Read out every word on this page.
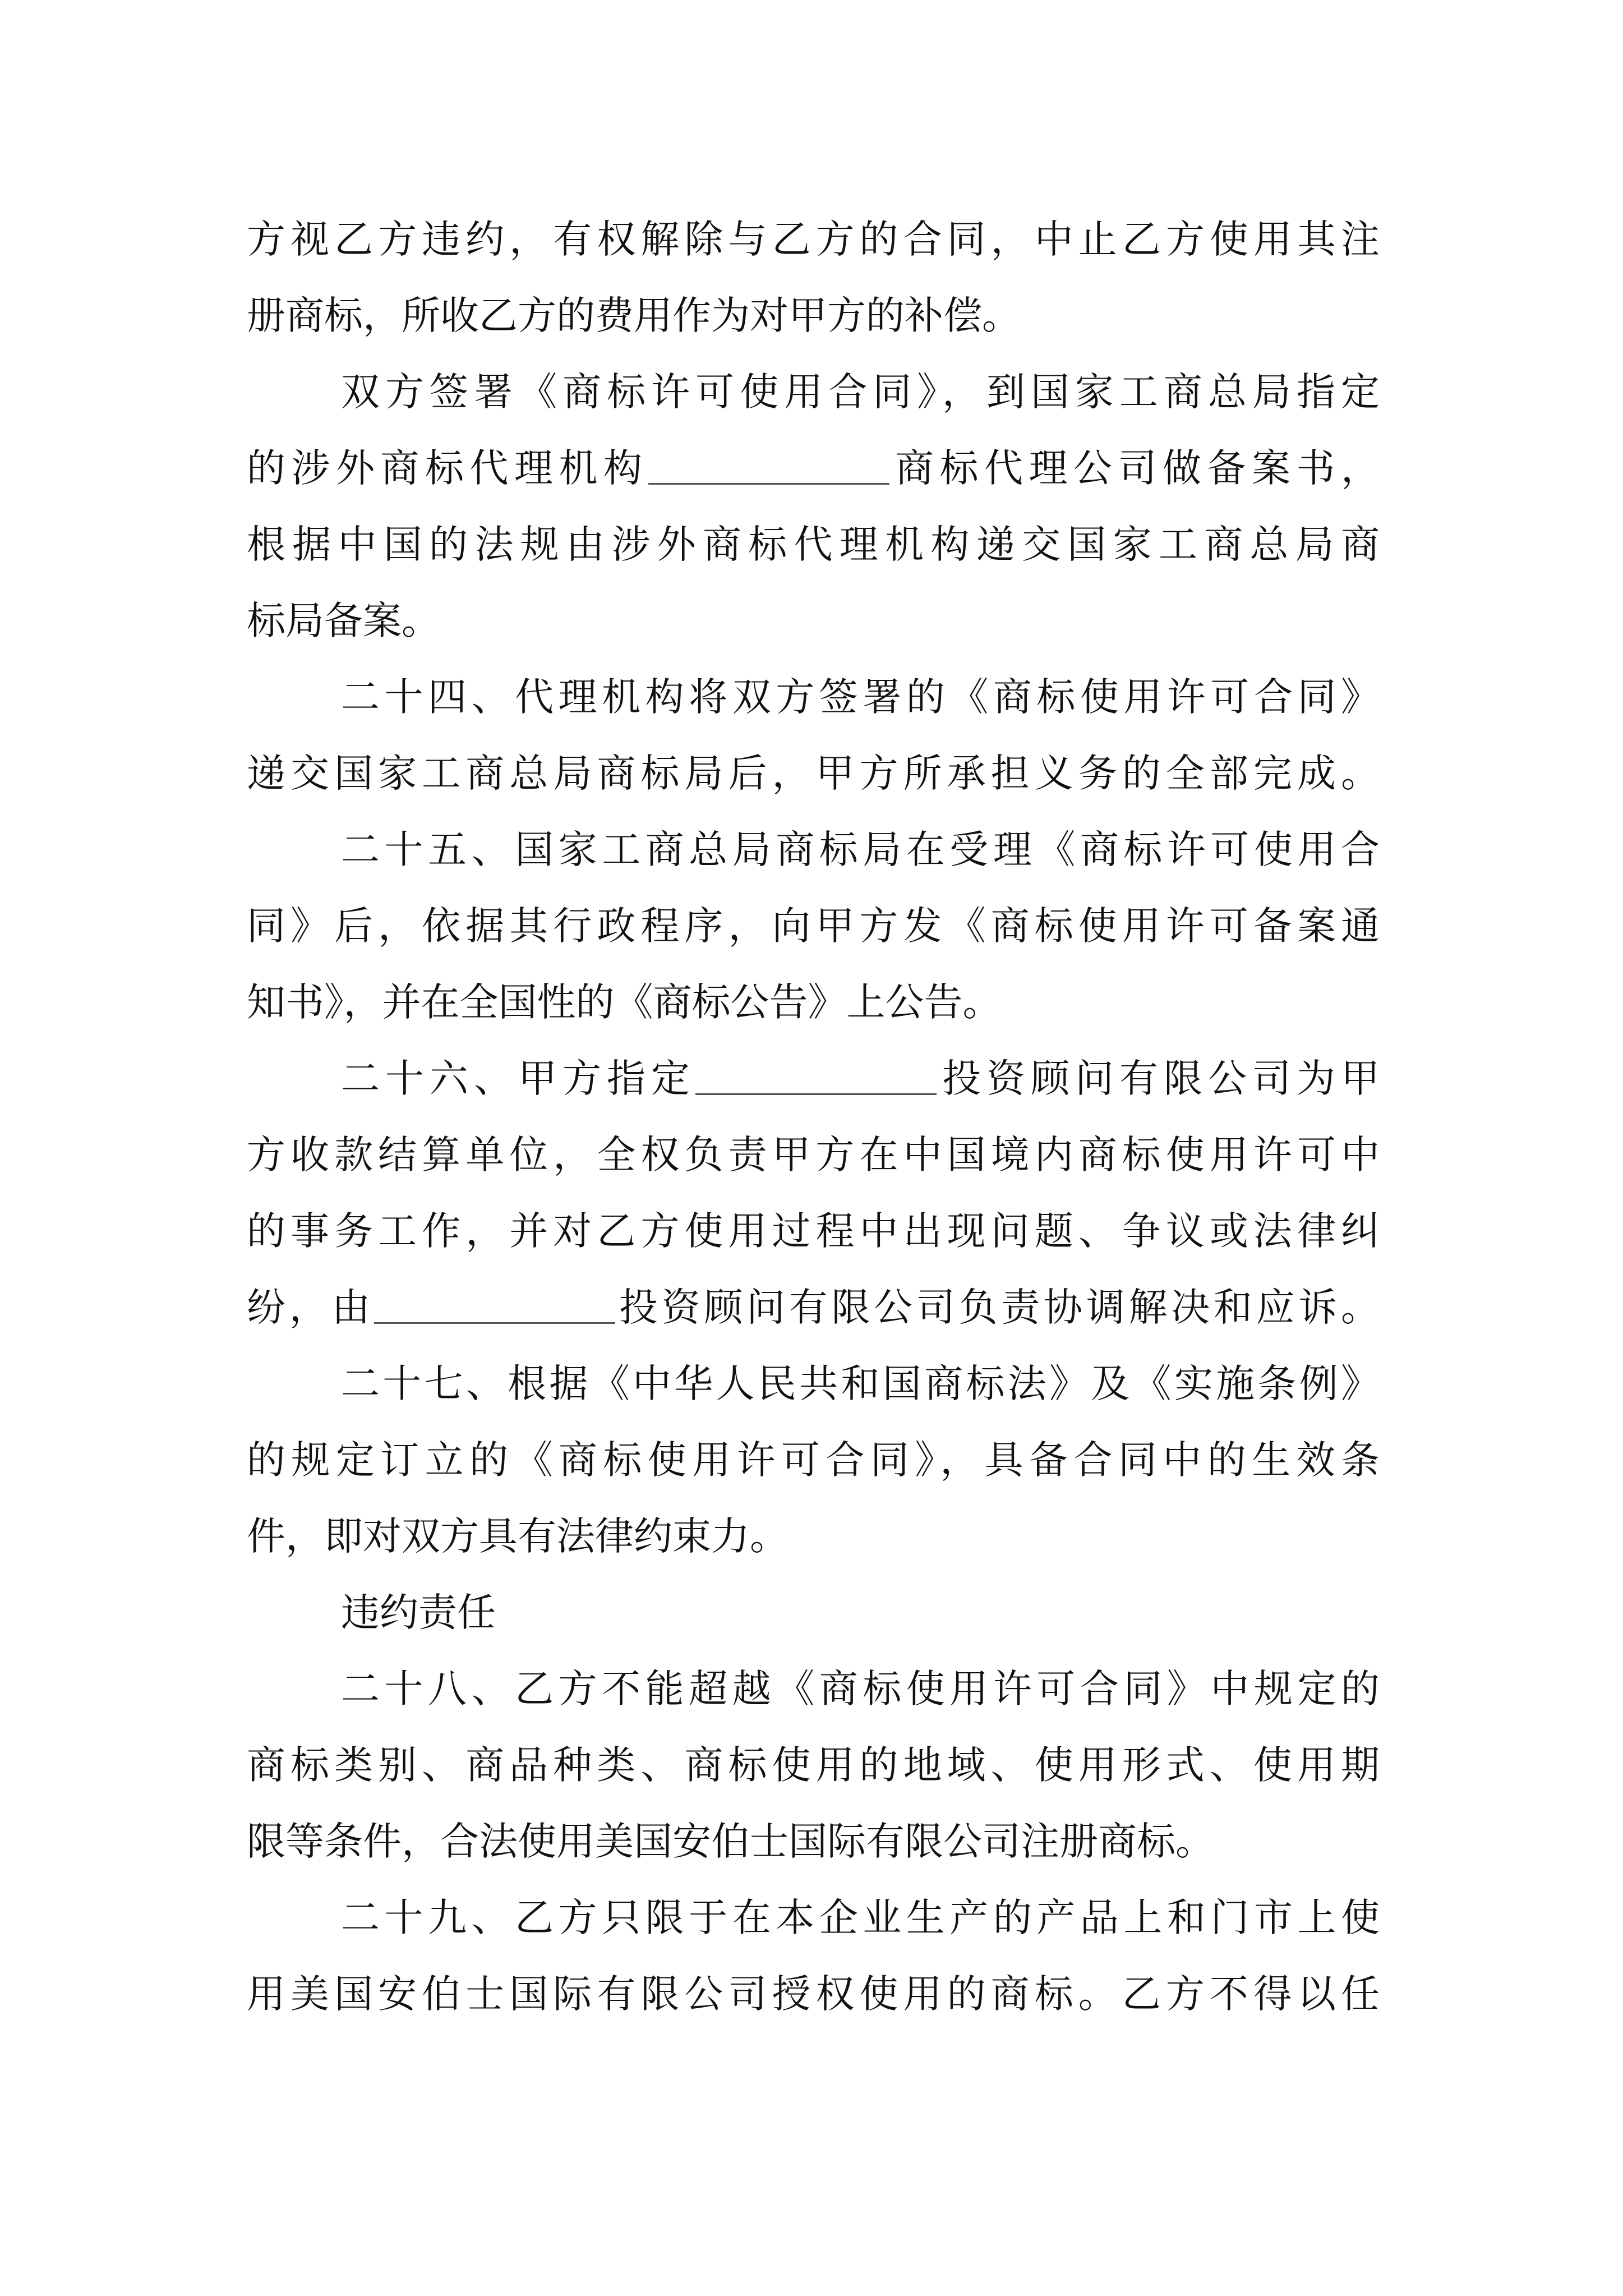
方视乙方违约，有权解除与乙方的合同，中止乙方使用其注

册商标，所收乙方的费用作为对甲方的补偿。

双方签署《商标许可使用合同》，到国家工商总局指定

的涉外商标代理机构	商标代理公司做备案书，

根据中国的法规由涉外商标代理机构递交国家工商总局商

标局备案。

二十四、代理机构将双方签署的《商标使用许可合同》

递交国家工商总局商标局后，甲方所承担义务的全部完成。

二十五、国家工商总局商标局在受理《商标许可使用合

同》后，依据其行政程序，向甲方发《商标使用许可备案通

知书》，并在全国性的《商标公告》上公告。

二十六、甲方指定	投资顾问有限公司为甲

方收款结算单位，全权负责甲方在中国境内商标使用许可中

的事务工作，并对乙方使用过程中出现问题、争议或法律纠

纷，由	投资顾问有限公司负责协调解决和应诉。

二十七、根据《中华人民共和国商标法》及《实施条例》

的规定订立的《商标使用许可合同》，具备合同中的生效条

件，即对双方具有法律约束力。

违约责任

二十八、乙方不能超越《商标使用许可合同》中规定的

商标类别、商品种类、商标使用的地域、使用形式、使用期

限等条件，合法使用美国安伯士国际有限公司注册商标。

二十九、乙方只限于在本企业生产的产品上和门市上使

用美国安伯士国际有限公司授权使用的商标。乙方不得以任
